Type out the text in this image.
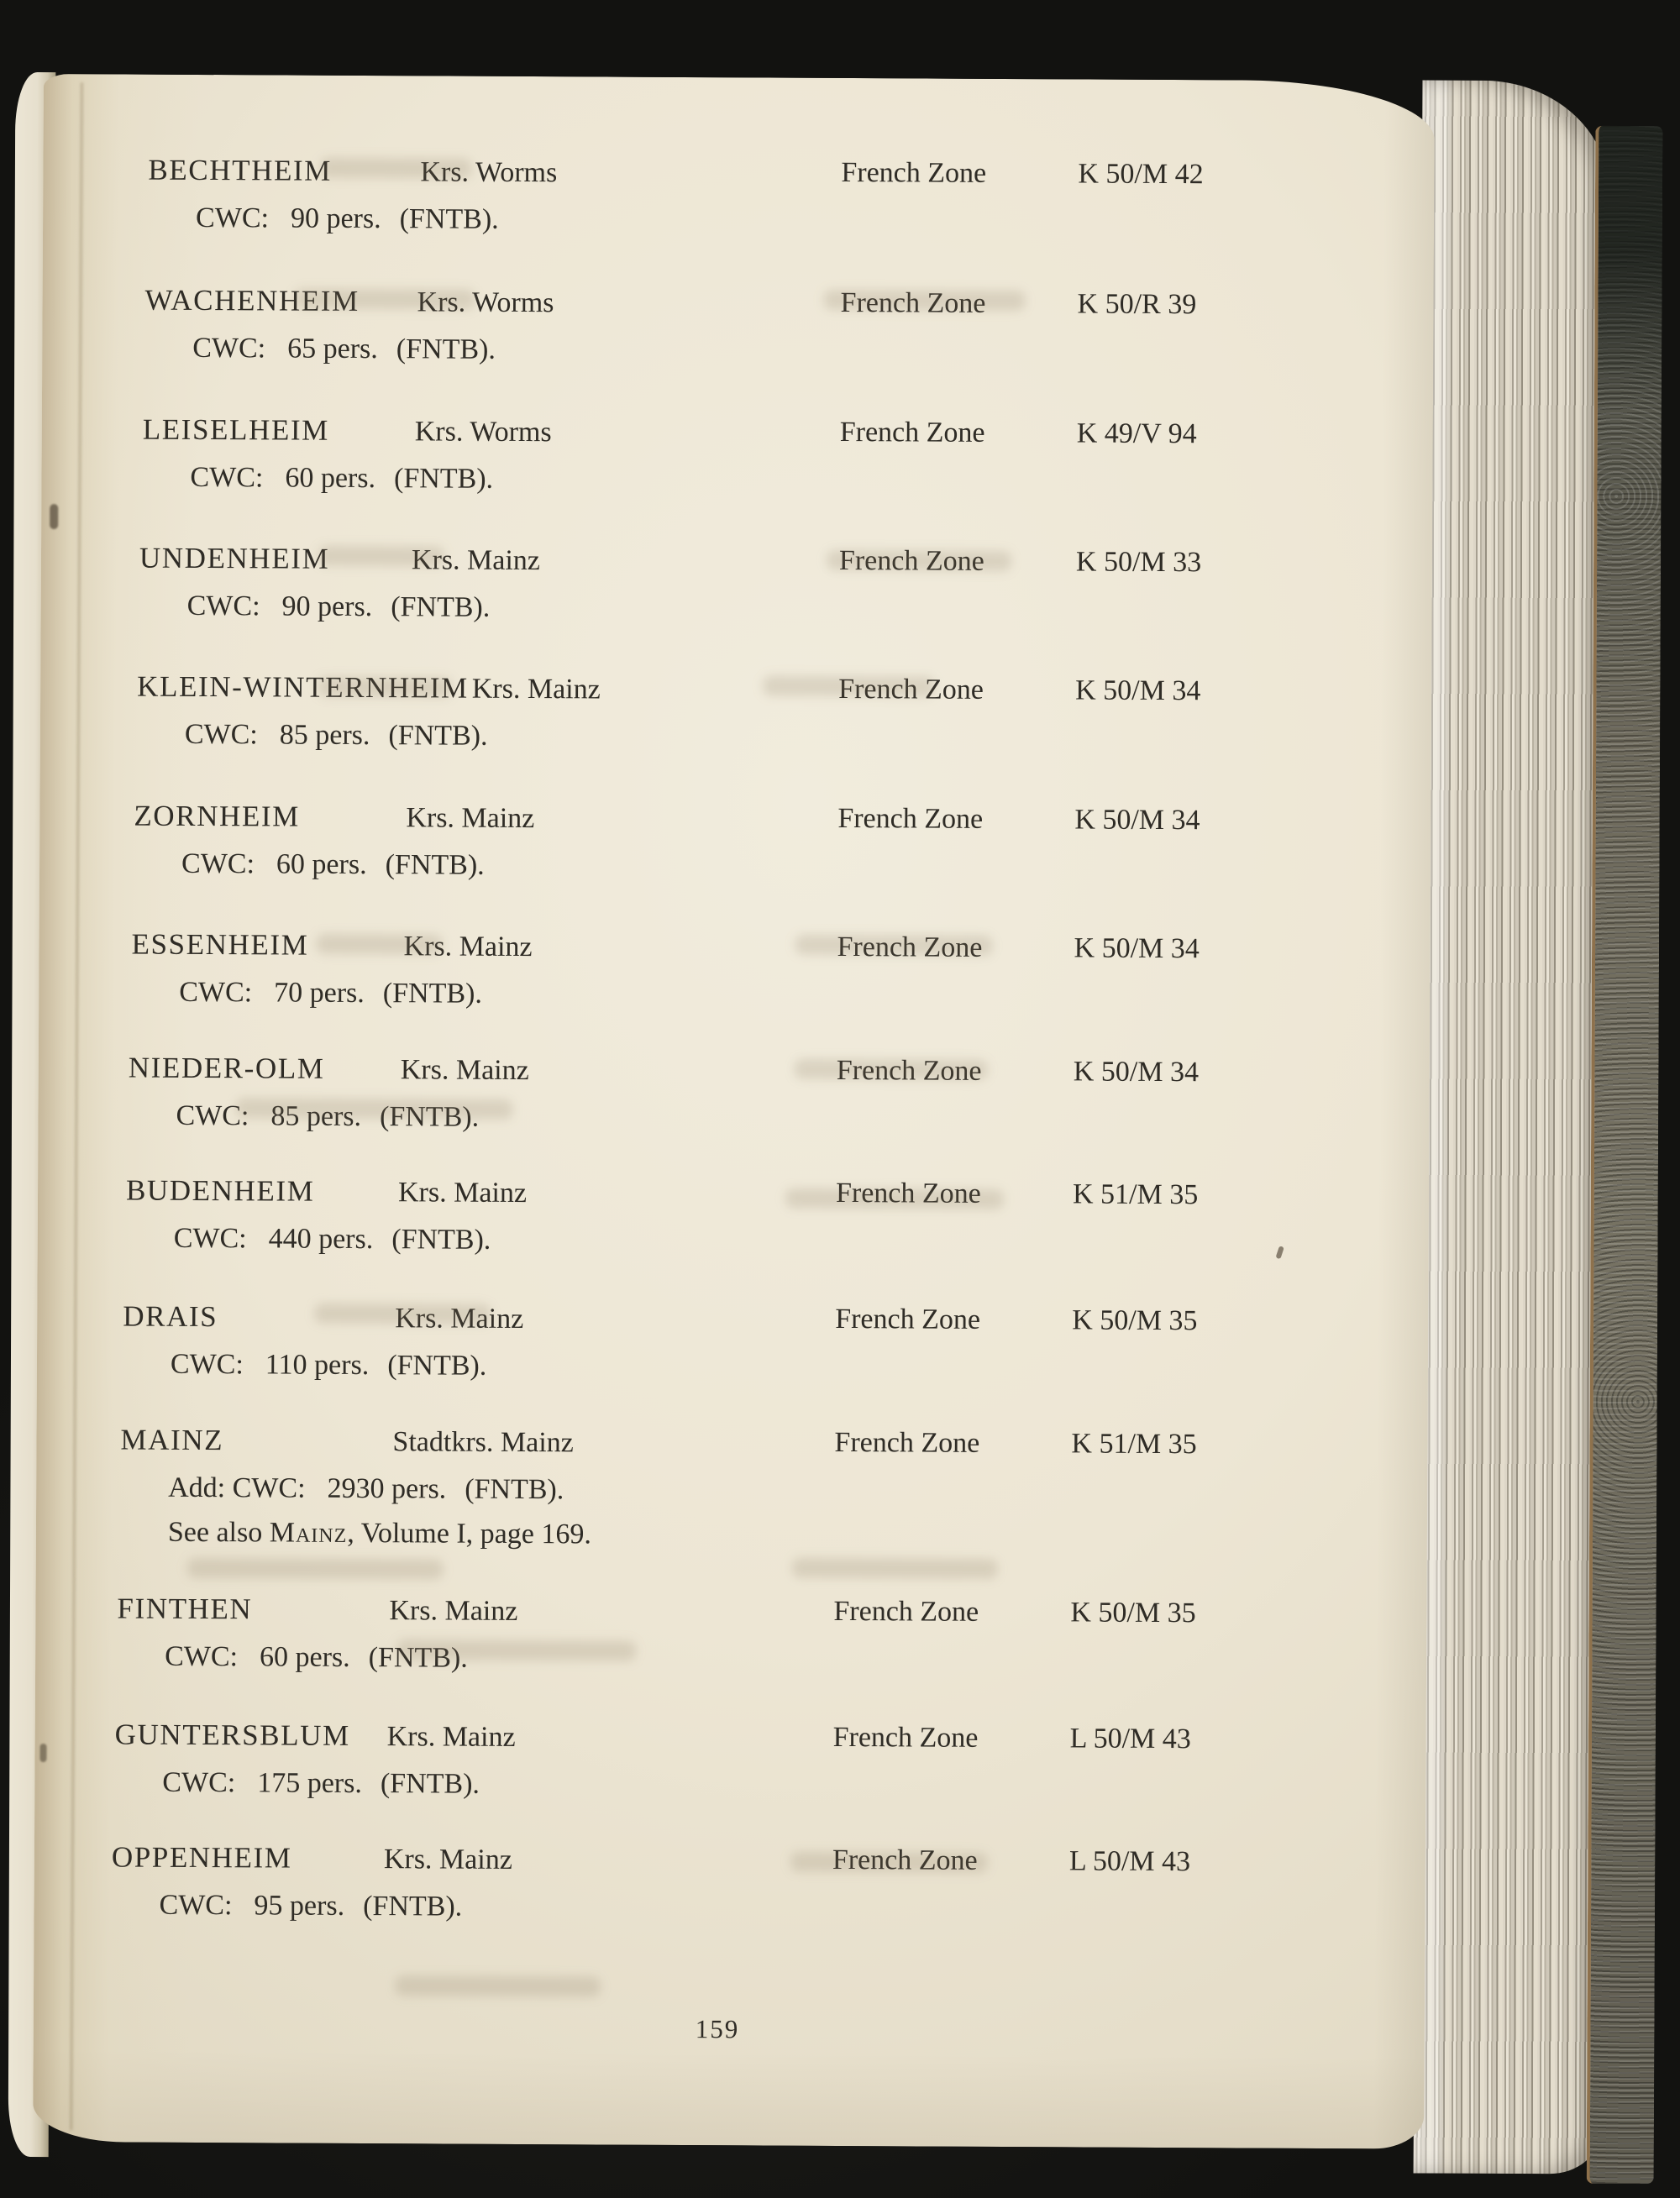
BECHTHEIM	Krs. Worms	French Zone	K 50/M 42
CWC: 90 pers. (FNTB).
WACHENHEIM Krs. Worms	French Zone	K 50/R 39
CWC: 65 pers. (FNTB).
LEISELHEIM	Krs. Worms	French Zone	K 49/V 94
CWC: 60 pers. (FNTB).
UNDENHEIM	Krs. Mainz	French Zone	K 50/M 33
CWC: 90 pers. (FNTB).
KLEIN-WINTERNHEIM Krs. Mainz	French Zone	K 50/M 34
CWC: 85 pers. (FNTB).
ZORNHEIM	Krs. Mainz	French Zone	K 50/M 34
CWC: 60 pers. (FNTB).
ESSENHEIM	Krs. Mainz	French Zone	K 50/M 34
CWC: 70 pers. (FNTB).
NIEDER-OLM	Krs. Mainz	French Zone	K 50/M 34
CWC: 85 pers. (FNTB).
BUDENHEIM	Krs. Mainz	French Zone	K 51/M 35
CWC: 440 pers. (FNTB).
DRAIS	Krs. Mainz	French Zone	K 50/M 35
CWC: 110 pers. (FNTB).
MAINZ	Stadtkrs. Mainz	French Zone	K 51/M 35
Add: CWC: 2930 pers. (FNTB).
See also Mainz, Volume I, page 169.
FINTHEN	Krs. Mainz	French Zone	K 50/M 35
CWC: 60 pers. (FNTB).
GUNTERSBLUM Krs. Mainz	French Zone	L 50/M 43
CWC: 175 pers. (FNTB).
OPPENHEIM	Krs. Mainz	French Zone	L 50/M 43
CWC: 95 pers. (FNTB).
159
